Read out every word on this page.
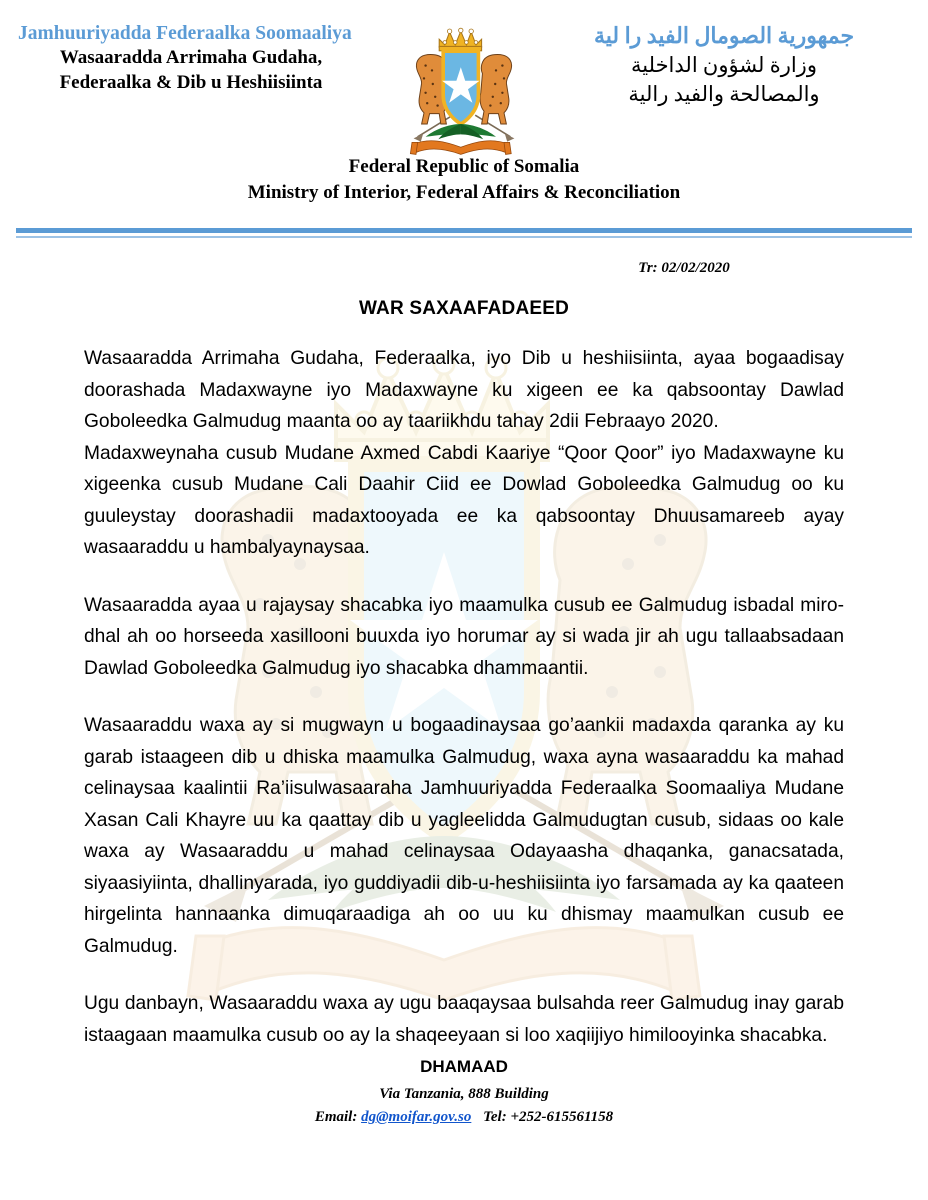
Jamhuuriyadda Federaalka Soomaaliya
Wasaaradda Arrimaha Gudaha,
Federaalka & Dib u Heshiisiinta
جمهورية الصومال الفيد را لية
وزارة لشؤون الداخلية
والمصالحة والفيد رالية
Federal Republic of Somalia
Ministry of Interior, Federal Affairs & Reconciliation
Tr: 02/02/2020
WAR SAXAAFADAEED

Wasaaradda Arrimaha Gudaha, Federaalka, iyo Dib u heshiisiinta, ayaa bogaadisay doorashada Madaxwayne iyo Madaxwayne ku xigeen ee ka qabsoontay Dawlad Goboleedka Galmudug maanta oo ay taariikhdu tahay 2dii Febraayo 2020.

Madaxweynaha cusub Mudane Axmed Cabdi Kaariye “Qoor Qoor” iyo Madaxwayne ku xigeenka cusub Mudane Cali Daahir Ciid ee Dowlad Goboleedka Galmudug oo ku guuleystay doorashadii madaxtooyada ee ka qabsoontay Dhuusamareeb ayay wasaaraddu u hambalyaynaysaa.

Wasaaradda ayaa u rajaysay shacabka iyo maamulka cusub ee Galmudug isbadal miro-dhal ah oo horseeda xasillooni buuxda iyo horumar ay si wada jir ah ugu tallaabsadaan Dawlad Goboleedka Galmudug iyo shacabka dhammaantii.

Wasaaraddu waxa ay si mugwayn u bogaadinaysaa go’aankii madaxda qaranka ay ku garab istaageen dib u dhiska maamulka Galmudug, waxa ayna wasaaraddu ka mahad celinaysaa kaalintii Ra’iisulwasaaraha Jamhuuriyadda Federaalka Soomaaliya Mudane Xasan Cali Khayre uu ka qaattay dib u yagleelidda Galmudugtan cusub, sidaas oo kale waxa ay Wasaaraddu u mahad celinaysaa Odayaasha dhaqanka, ganacsatada, siyaasiyiinta, dhallinyarada, iyo guddiyadii dib-u-heshiisiinta iyo farsamada ay ka qaateen hirgelinta hannaanka dimuqaraadiga ah oo uu ku dhismay maamulkan cusub ee Galmudug.

Ugu danbayn, Wasaaraddu waxa ay ugu baaqaysaa bulsahda reer Galmudug inay garab istaagaan maamulka cusub oo ay la shaqeeyaan si loo xaqiijiyo himilooyinka shacabka.

DHAMAAD
Via Tanzania, 888 Building
Email: dg@moifar.gov.so Tel: +252-615561158
